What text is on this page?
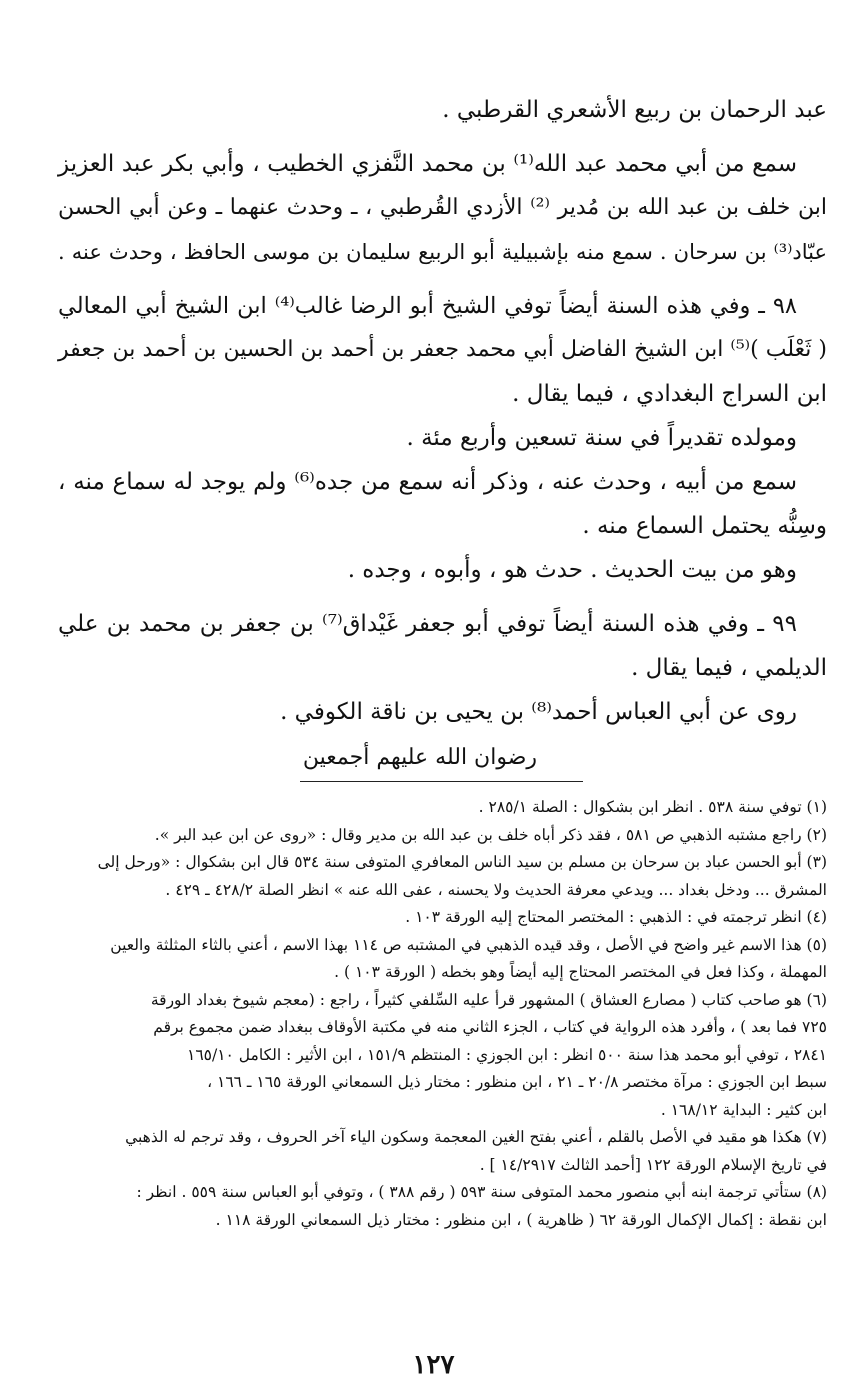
عبد الرحمان بن ربيع الأشعري القرطبي .
سمع من أبي محمد عبد الله⁽¹⁾ بن محمد النَّفزي الخطيب ، وأبي بكر عبد العزيز
ابن خلف بن عبد الله بن مُدير ⁽²⁾ الأزدي القُرطبي ، ـ وحدث عنهما ـ وعن أبي الحسن
عبّاد⁽³⁾ بن سرحان . سمع منه بإشبيلية أبو الربيع سليمان بن موسى الحافظ ، وحدث عنه .
٩٨ ـ وفي هذه السنة أيضاً توفي الشيخ أبو الرضا غالب⁽⁴⁾ ابن الشيخ أبي المعالي
( ثَعْلَب )⁽⁵⁾ ابن الشيخ الفاضل أبي محمد جعفر بن أحمد بن الحسين بن أحمد بن جعفر
ابن السراج البغدادي ، فيما يقال .
ومولده تقديراً في سنة تسعين وأربع مئة .
سمع من أبيه ، وحدث عنه ، وذكر أنه سمع من جده⁽⁶⁾ ولم يوجد له سماع منه ،
وسِنُّه يحتمل السماع منه .
وهو من بيت الحديث . حدث هو ، وأبوه ، وجده .
٩٩ ـ وفي هذه السنة أيضاً توفي أبو جعفر غَيْداق⁽⁷⁾ بن جعفر بن محمد بن علي
الديلمي ، فيما يقال .
روى عن أبي العباس أحمد⁽⁸⁾ بن يحيى بن ناقة الكوفي .
رضوان الله عليهم أجمعين
(١) توفي سنة ٥٣٨ . انظر ابن بشكوال : الصلة ٢٨٥/١ .
(٢) راجع مشتبه الذهبي ص ٥٨١ ، فقد ذكر أباه خلف بن عبد الله بن مدير وقال : «روى عن ابن عبد البر ».
(٣) أبو الحسن عباد بن سرحان بن مسلم بن سيد الناس المعافري المتوفى سنة ٥٣٤ قال ابن بشكوال : «ورحل إلى
المشرق ... ودخل بغداد ... ويدعي معرفة الحديث ولا يحسنه ، عفى الله عنه » انظر الصلة ٤٢٨/٢ ـ ٤٢٩ .
(٤) انظر ترجمته في : الذهبي : المختصر المحتاج إليه الورقة ١٠٣ .
(٥) هذا الاسم غير واضح في الأصل ، وقد قيده الذهبي في المشتبه ص ١١٤ بهذا الاسم ، أعني بالثاء المثلثة والعين
المهملة ، وكذا فعل في المختصر المحتاج إليه أيضاً وهو بخطه ( الورقة ١٠٣ ) .
(٦) هو صاحب كتاب ( مصارع العشاق ) المشهور قرأ عليه السِّلفي كثيراً ، راجع : (معجم شيوخ بغداد الورقة
٧٢٥ فما بعد ) ، وأفرد هذه الرواية في كتاب ، الجزء الثاني منه في مكتبة الأوقاف ببغداد ضمن مجموع برقم
٢٨٤١ ، توفي أبو محمد هذا سنة ٥٠٠ انظر : ابن الجوزي : المنتظم ١٥١/٩ ، ابن الأثير : الكامل ١٦٥/١٠
سبط ابن الجوزي : مرآة مختصر ٢٠/٨ ـ ٢١ ، ابن منظور : مختار ذيل السمعاني الورقة ١٦٥ ـ ١٦٦ ،
ابن كثير : البداية ١٦٨/١٢ .
(٧) هكذا هو مقيد في الأصل بالقلم ، أعني بفتح الغين المعجمة وسكون الياء آخر الحروف ، وقد ترجم له الذهبي
في تاريخ الإسلام الورقة ١٢٢ [أحمد الثالث ١٤/٢٩١٧ ] .
(٨) ستأتي ترجمة ابنه أبي منصور محمد المتوفى سنة ٥٩٣ ( رقم ٣٨٨ ) ، وتوفي أبو العباس سنة ٥٥٩ . انظر :
ابن نقطة : إكمال الإكمال الورقة ٦٢ ( ظاهرية ) ، ابن منظور : مختار ذيل السمعاني الورقة ١١٨ .
١٢٧
